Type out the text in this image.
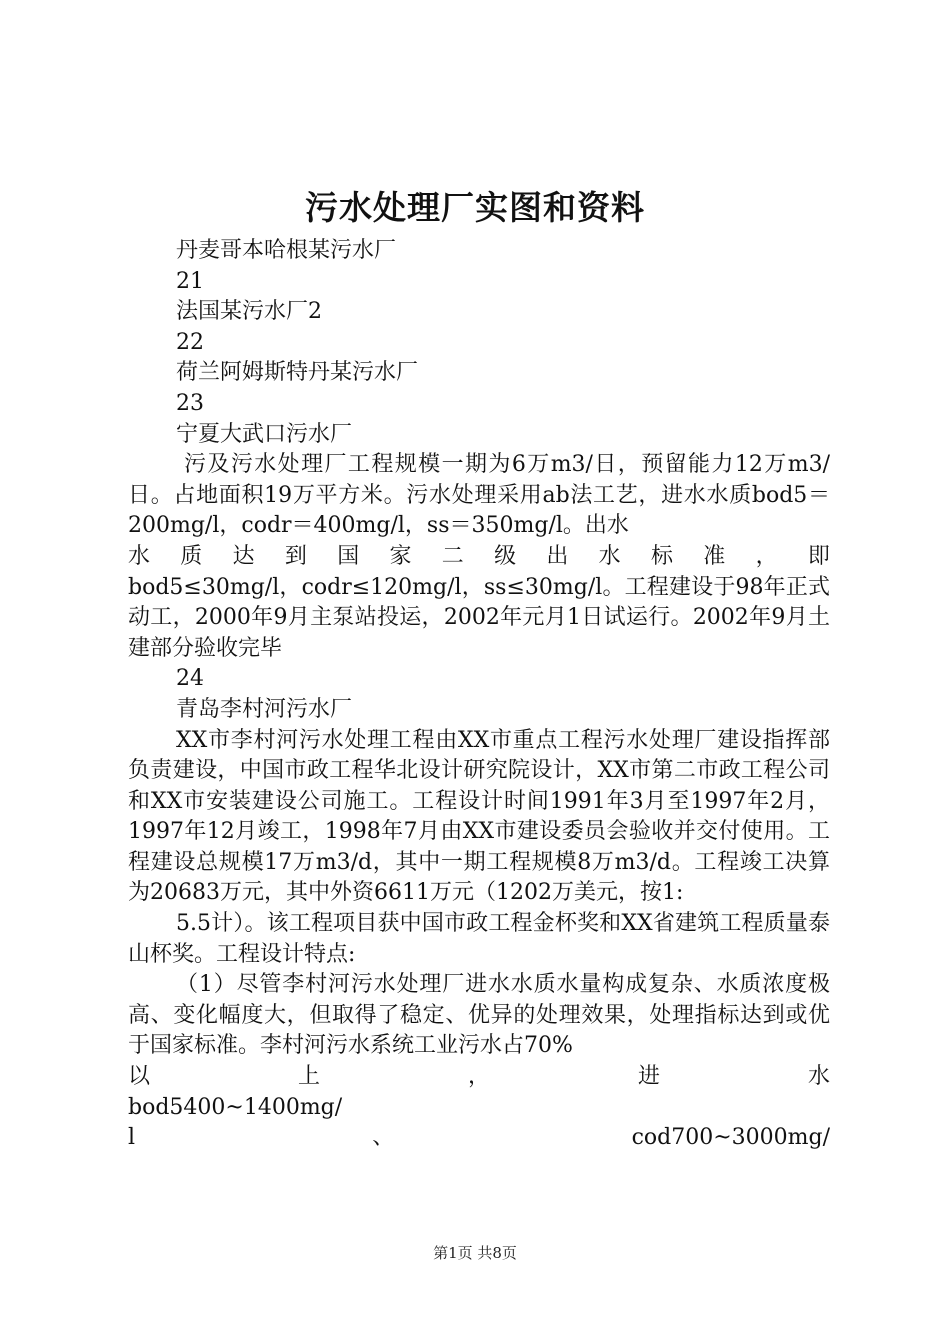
污水处理厂实图和资料
丹麦哥本哈根某污水厂
21
法国某污水厂2
22
荷兰阿姆斯特丹某污水厂
23
宁夏大武口污水厂

污及污水处理厂工程规模一期为6万m3/日，预留能力12万m3/日。占地面积19万平方米。污水处理采用ab法工艺，进水水质bod5＝200mg/l，codr＝400mg/l，ss＝350mg/l。出水

水 质 达 到 国 家 二 级 出 水 标 准 ， 即

bod5≤30mg/l，codr≤120mg/l，ss≤30mg/l。工程建设于98年正式动工，2000年9月主泵站投运，2002年元月1日试运行。2002年9月土建部分验收完毕

24
青岛李村河污水厂

XX市李村河污水处理工程由XX市重点工程污水处理厂建设指挥部负责建设，中国市政工程华北设计研究院设计，XX市第二市政工程公司和XX市安装建设公司施工。工程设计时间1991年3月至1997年2月，1997年12月竣工，1998年7月由XX市建设委员会验收并交付使用。工程建设总规模17万m3/d，其中一期工程规模8万m3/d。工程竣工决算为20683万元，其中外资6611万元（1202万美元，按1:

5.5计）。该工程项目获中国市政工程金杯奖和XX省建筑工程质量泰山杯奖。工程设计特点:

（1）尽管李村河污水处理厂进水水质水量构成复杂、水质浓度极高、变化幅度大，但取得了稳定、优异的处理效果，处理指标达到或优于国家标准。李村河污水系统工业污水占70%

以	上	，	进	水
bod5400~1400mg/
l	、	cod700~3000mg/
第1页 共8页
